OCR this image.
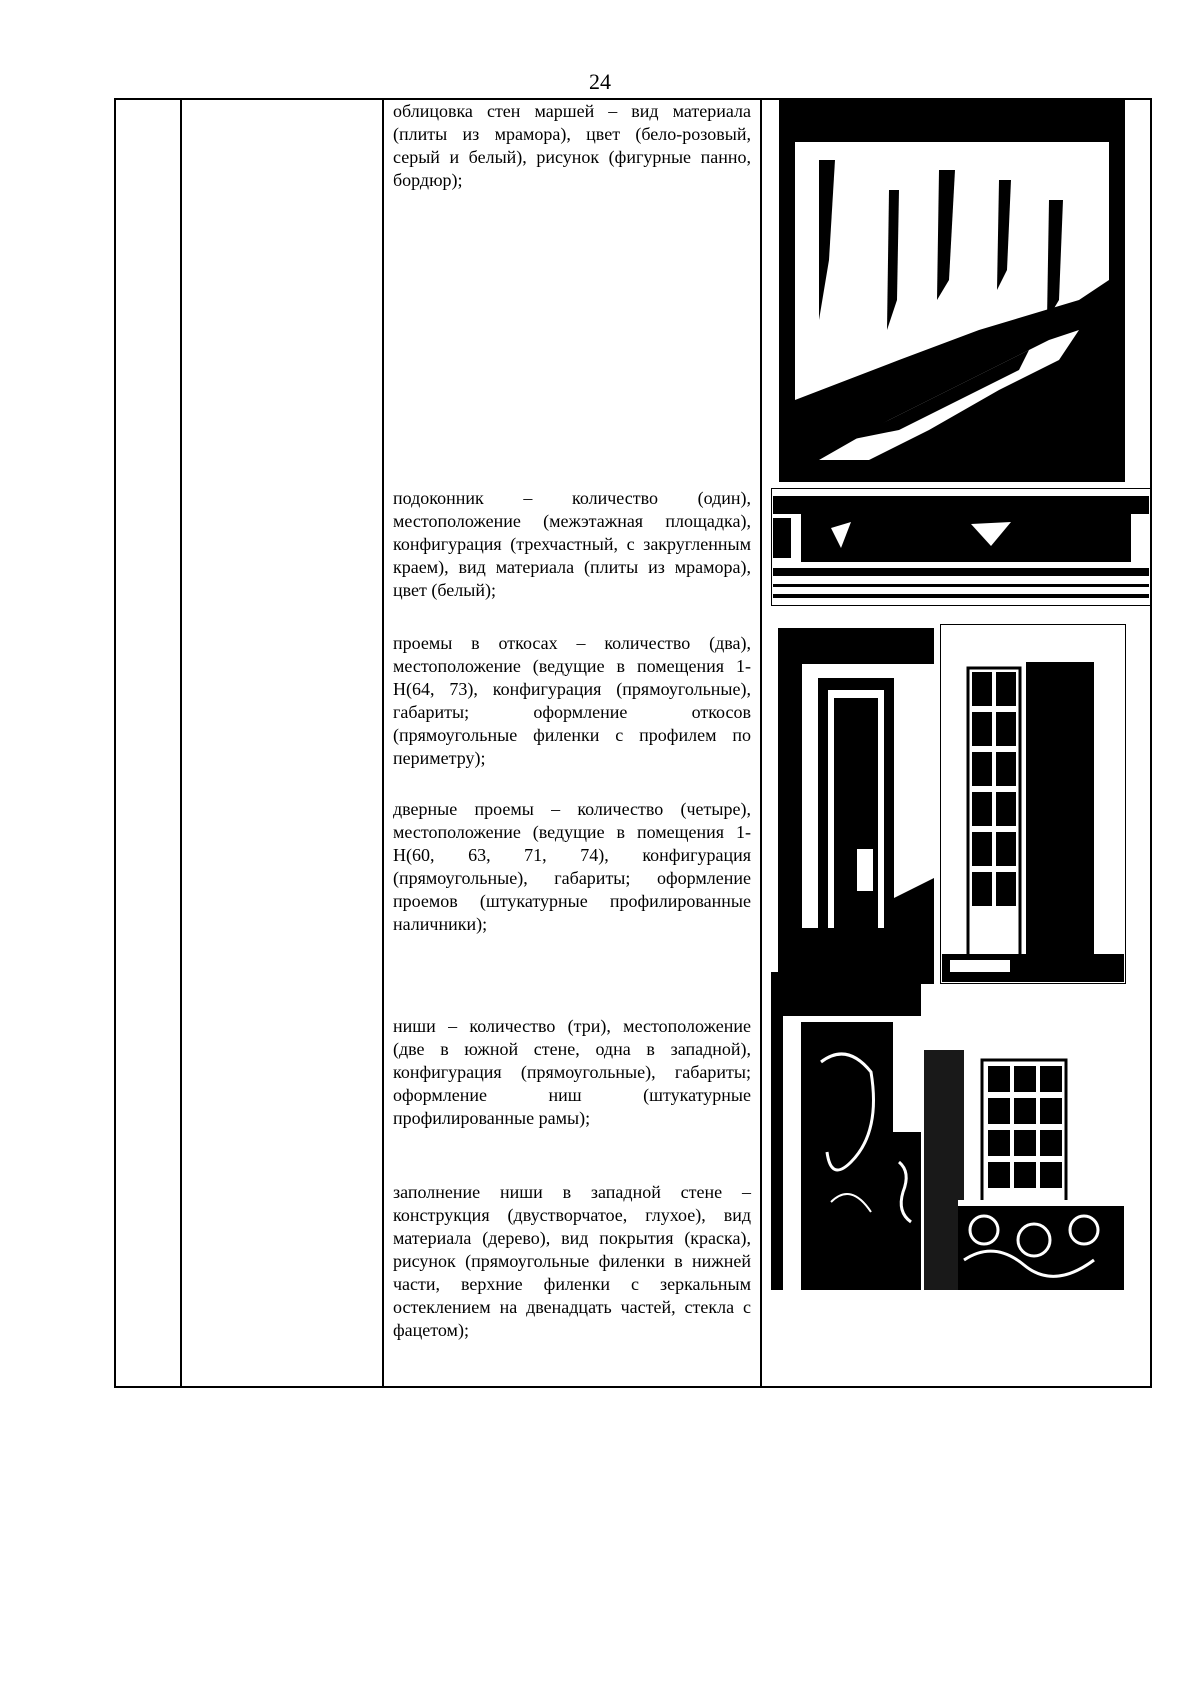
24

облицовка стен маршей – вид материала (плиты из мрамора), цвет (бело-розовый, серый и белый), рисунок (фигурные панно, бордюр);

подоконник – количество (один), местоположение (межэтажная площадка), конфигурация (трехчастный, с закругленным краем), вид материала (плиты из мрамора), цвет (белый);

проемы в откосах – количество (два), местоположение (ведущие в помещения 1-Н(64, 73), конфигурация (прямоугольные), габариты; оформление откосов (прямоугольные филенки с профилем по периметру);

дверные проемы – количество (четыре), местоположение (ведущие в помещения 1-Н(60, 63, 71, 74), конфигурация (прямоугольные), габариты; оформление проемов (штукатурные профилированные наличники);

ниши – количество (три), местоположение (две в южной стене, одна в западной), конфигурация (прямоугольные), габариты; оформление ниш (штукатурные профилированные рамы);

заполнение ниши в западной стене – конструкция (двустворчатое, глухое), вид материала (дерево), вид покрытия (краска), рисунок (прямоугольные филенки в нижней части, верхние филенки с зеркальным остеклением на двенадцать частей, стекла с фацетом);
